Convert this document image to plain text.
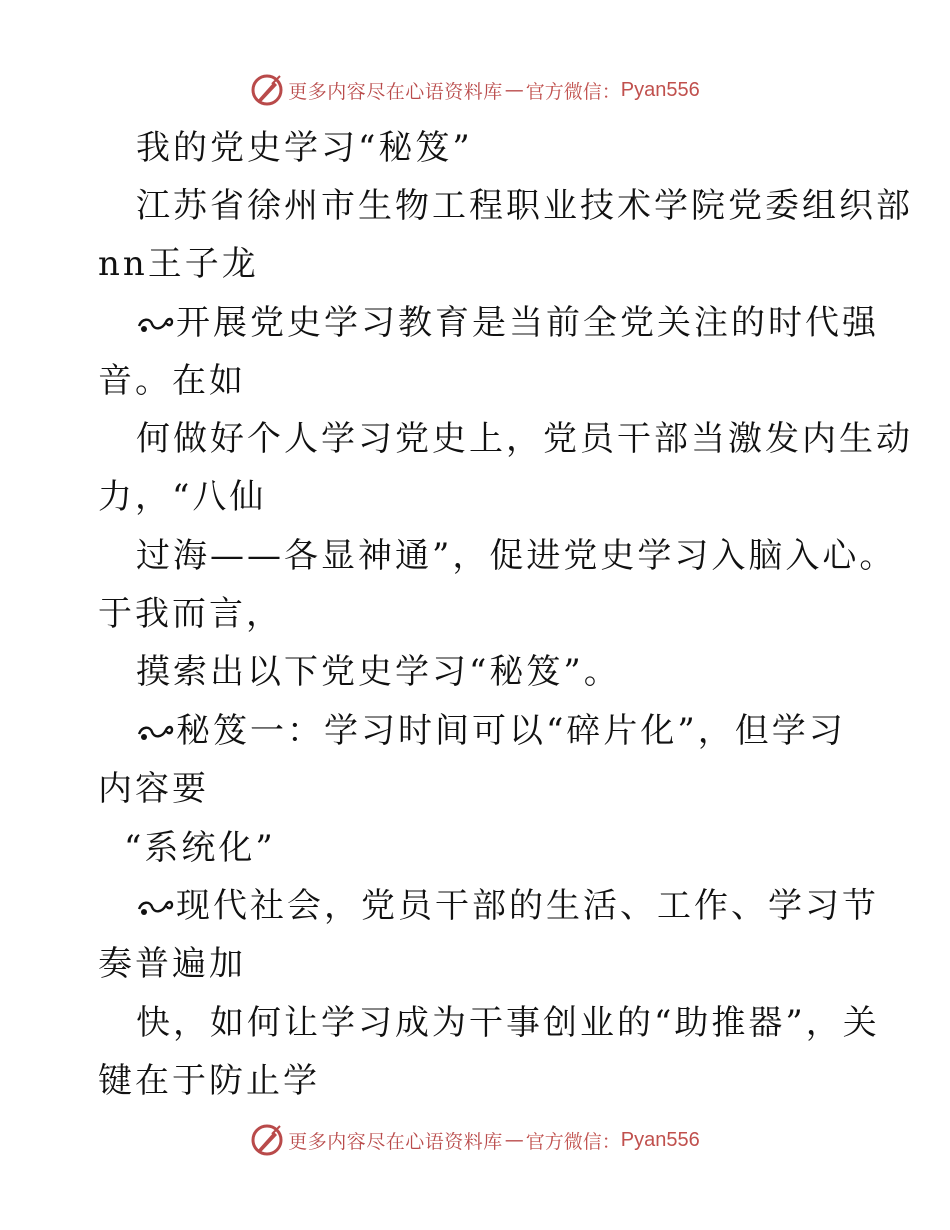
更多内容尽在心语资料库 — 官方微信： Pyan556
我的党史学习“秘笈”
江苏省徐州市生物工程职业技术学院党委组织部
nn王子龙
开展党史学习教育是当前全党关注的时代强
音。在如
何做好个人学习党史上，党员干部当激发内生动
力，“八仙
过海——各显神通”，促进党史学习入脑入心。
于我而言，
摸索出以下党史学习“秘笈”。
秘笈一：学习时间可以“碎片化”，但学习
内容要
“系统化”
现代社会，党员干部的生活、工作、学习节
奏普遍加
快，如何让学习成为干事创业的“助推器”，关
键在于防止学
更多内容尽在心语资料库 — 官方微信： Pyan556
